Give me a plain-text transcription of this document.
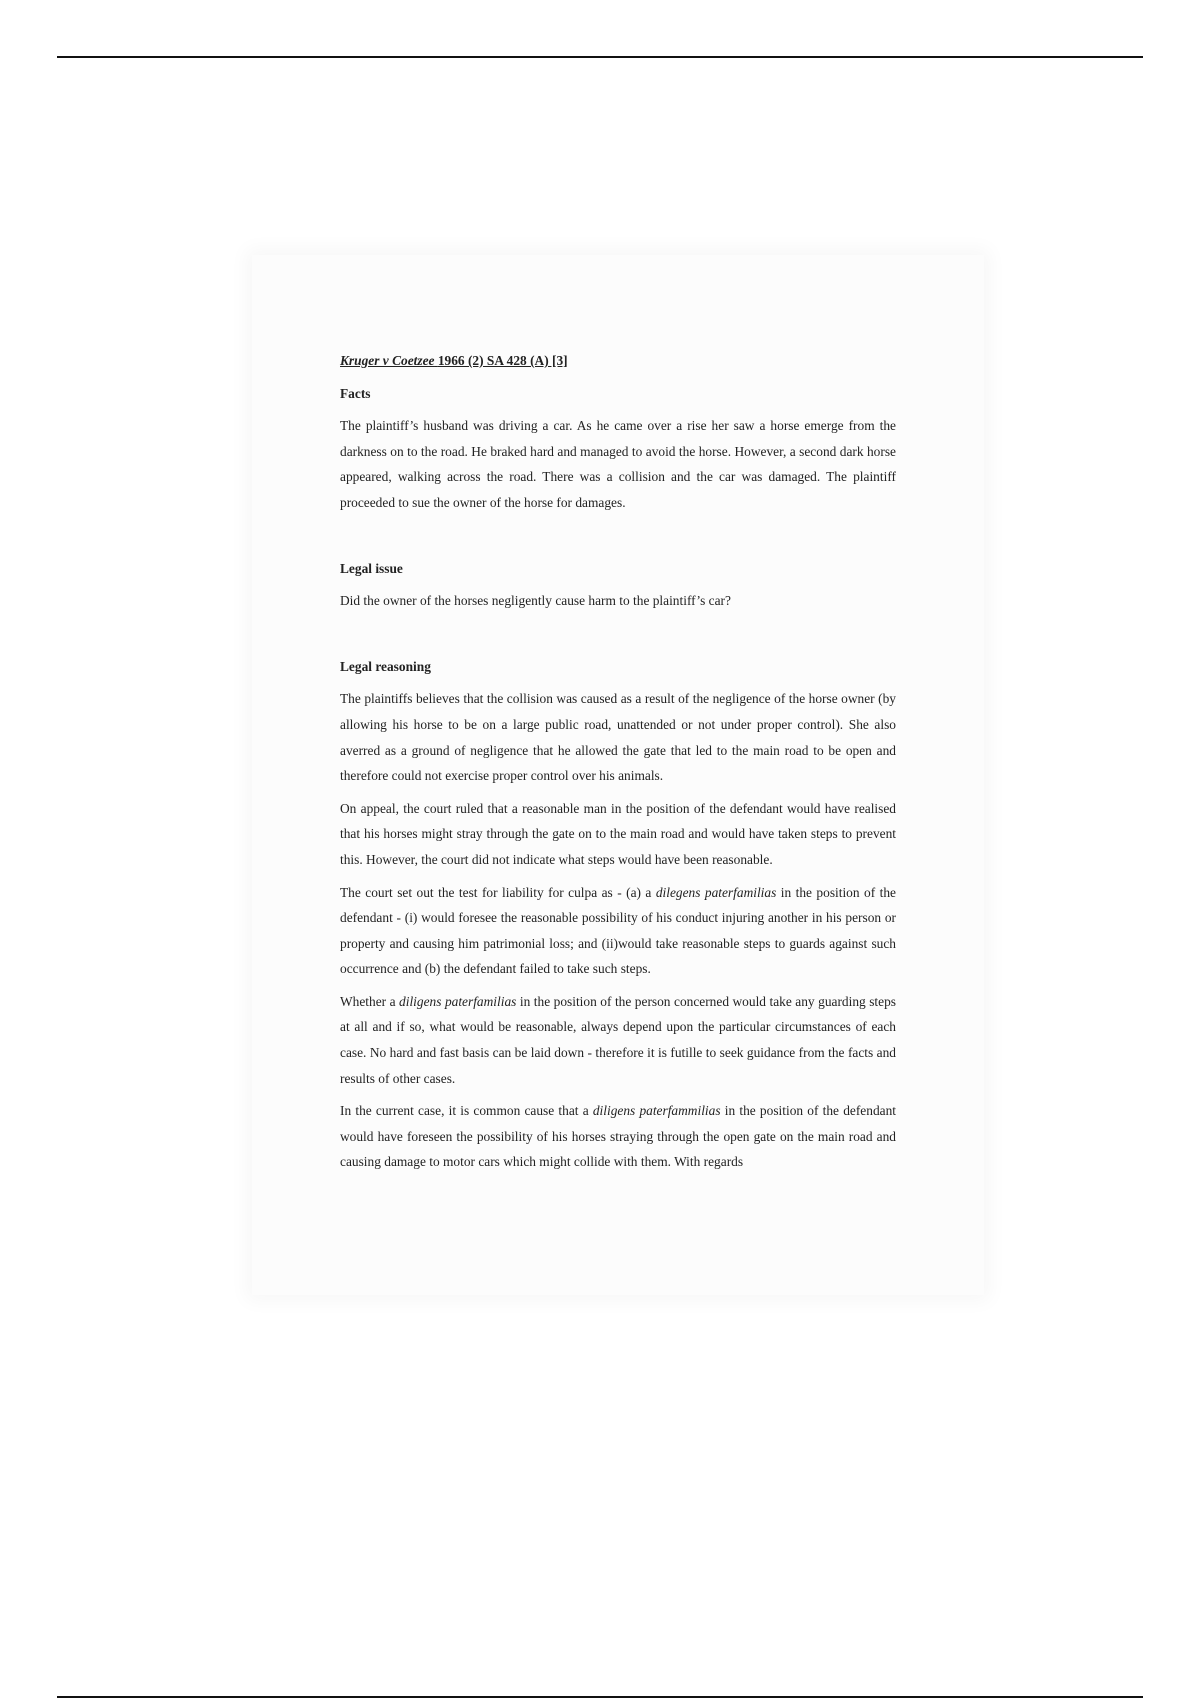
Kruger v Coetzee 1966 (2) SA 428 (A) [3]

Facts

The plaintiff’s husband was driving a car. As he came over a rise her saw a horse emerge from the darkness on to the road. He braked hard and managed to avoid the horse. However, a second dark horse appeared, walking across the road. There was a collision and the car was damaged. The plaintiff proceeded to sue the owner of the horse for damages.

Legal issue

Did the owner of the horses negligently cause harm to the plaintiff’s car?

Legal reasoning

The plaintiffs believes that the collision was caused as a result of the negligence of the horse owner (by allowing his horse to be on a large public road, unattended or not under proper control). She also averred as a ground of negligence that he allowed the gate that led to the main road to be open and therefore could not exercise proper control over his animals.

On appeal, the court ruled that a reasonable man in the position of the defendant would have realised that his horses might stray through the gate on to the main road and would have taken steps to prevent this. However, the court did not indicate what steps would have been reasonable.

The court set out the test for liability for culpa as - (a) a dilegens paterfamilias in the position of the defendant - (i) would foresee the reasonable possibility of his conduct injuring another in his person or property and causing him patrimonial loss; and (ii)would take reasonable steps to guards against such occurrence and (b) the defendant failed to take such steps.

Whether a diligens paterfamilias in the position of the person concerned would take any guarding steps at all and if so, what would be reasonable, always depend upon the particular circumstances of each case. No hard and fast basis can be laid down - therefore it is futille to seek guidance from the facts and results of other cases.

In the current case, it is common cause that a diligens paterfammilias in the position of the defendant would have foreseen the possibility of his horses straying through the open gate on the main road and causing damage to motor cars which might collide with them. With regards
